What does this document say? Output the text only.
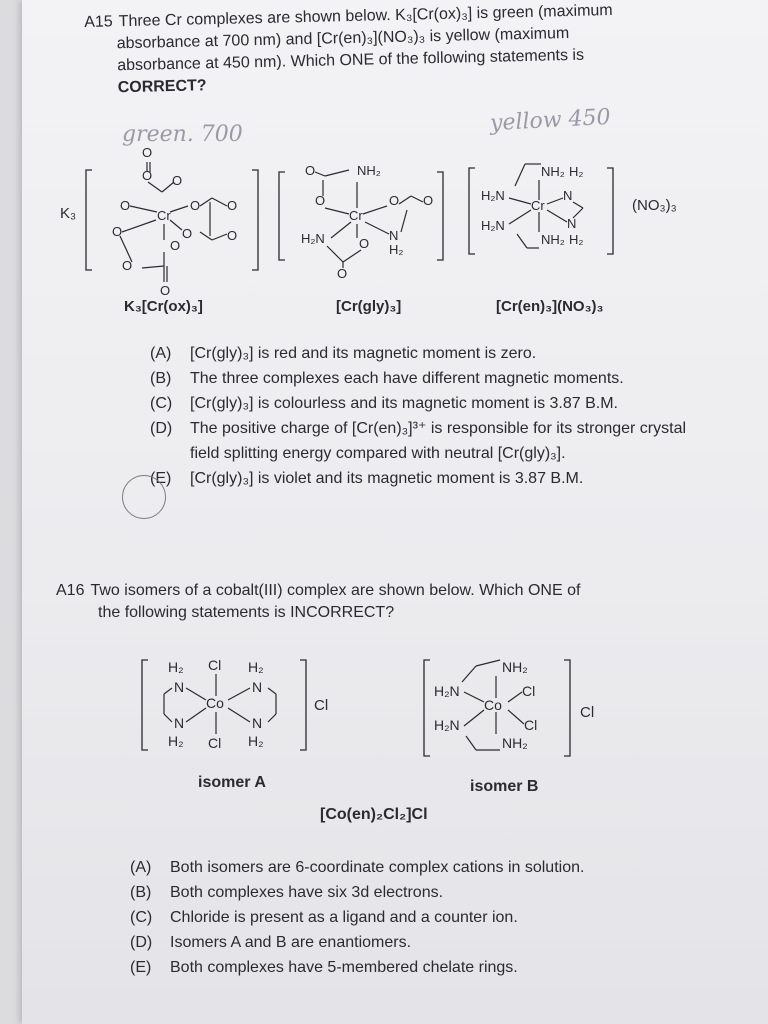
A15 Three Cr complexes are shown below. K₃[Cr(ox)₃] is green (maximum
absorbance at 700 nm) and [Cr(en)₃](NO₃)₃ is yellow (maximum
absorbance at 450 nm). Which ONE of the following statements is
CORRECT?
green. 700	yellow 450
K₃	Cr
O
O
O	O
O	O
O
O
O
O
O
O
Cr
O	NH₂
O	O O
H₂N	O
N
H₂
O
NH₂ H₂
H₂N	N
Cr
H₂N	N
NH₂ H₂
(NO₃)₃
K₃[Cr(ox)₃]	[Cr(gly)₃]	[Cr(en)₃](NO₃)₃
(A)	[Cr(gly)₃] is red and its magnetic moment is zero.
(B)	The three complexes each have different magnetic moments.
(C)	[Cr(gly)₃] is colourless and its magnetic moment is 3.87 B.M.
(D)	The positive charge of [Cr(en)₃]³⁺ is responsible for its stronger crystal field splitting energy compared with neutral [Cr(gly)₃].
(E)	[Cr(gly)₃] is violet and its magnetic moment is 3.87 B.M.
A16 Two isomers of a cobalt(III) complex are shown below. Which ONE of
the following statements is INCORRECT?
H₂ Cl H₂
N	N
Co
N	N
H₂ Cl H₂
Cl
NH₂
H₂N	Cl
Co
H₂N	Cl
NH₂
Cl
isomer A	isomer B
[Co(en)₂Cl₂]Cl
(A)	Both isomers are 6-coordinate complex cations in solution.
(B)	Both complexes have six 3d electrons.
(C)	Chloride is present as a ligand and a counter ion.
(D)	Isomers A and B are enantiomers.
(E)	Both complexes have 5-membered chelate rings.
